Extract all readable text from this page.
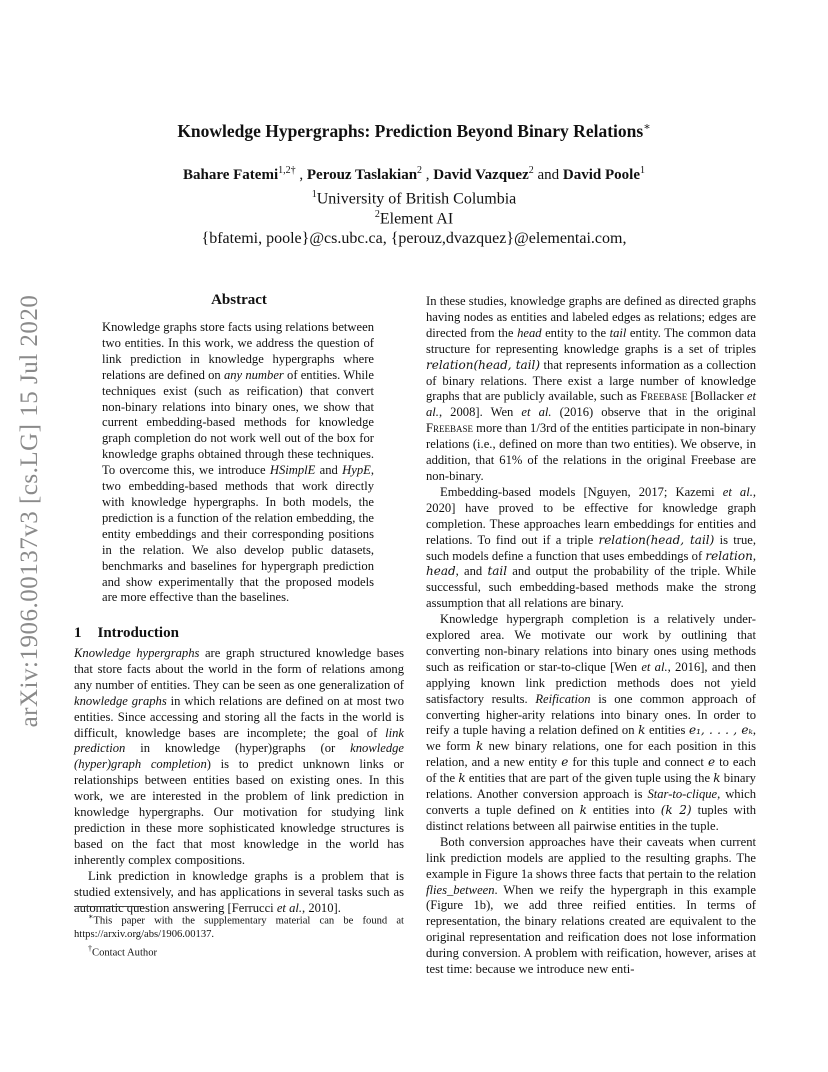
arXiv:1906.00137v3 [cs.LG] 15 Jul 2020
Knowledge Hypergraphs: Prediction Beyond Binary Relations∗
Bahare Fatemi$^{1,2\dagger}$ , Perouz Taslakian$^2$ , David Vazquez$^2$ and David Poole$^1$
$^1$University of British Columbia
$^2$Element AI
{bfatemi, poole}@cs.ubc.ca, {perouz,dvazquez}@elementai.com,
Abstract

Knowledge graphs store facts using relations between two entities. In this work, we address the question of link prediction in knowledge hypergraphs where relations are defined on any number of entities. While techniques exist (such as reification) that convert non-binary relations into binary ones, we show that current embedding-based methods for knowledge graph completion do not work well out of the box for knowledge graphs obtained through these techniques. To overcome this, we introduce HSimplE and HypE, two embedding-based methods that work directly with knowledge hypergraphs. In both models, the prediction is a function of the relation embedding, the entity embeddings and their corresponding positions in the relation. We also develop public datasets, benchmarks and baselines for hypergraph prediction and show experimentally that the proposed models are more effective than the baselines.

1 Introduction

Knowledge hypergraphs are graph structured knowledge bases that store facts about the world in the form of relations among any number of entities. They can be seen as one generalization of knowledge graphs in which relations are defined on at most two entities. Since accessing and storing all the facts in the world is difficult, knowledge bases are incomplete; the goal of link prediction in knowledge (hyper)graphs (or knowledge (hyper)graph completion) is to predict unknown links or relationships between entities based on existing ones. In this work, we are interested in the problem of link prediction in knowledge hypergraphs. Our motivation for studying link prediction in these more sophisticated knowledge structures is based on the fact that most knowledge in the world has inherently complex compositions.

Link prediction in knowledge graphs is a problem that is studied extensively, and has applications in several tasks such as automatic question answering [Ferrucci et al., 2010].

∗This paper with the supplementary material can be found at https://arxiv.org/abs/1906.00137.

†Contact Author

In these studies, knowledge graphs are defined as directed graphs having nodes as entities and labeled edges as relations; edges are directed from the head entity to the tail entity. The common data structure for representing knowledge graphs is a set of triples relation(head, tail) that represents information as a collection of binary relations. There exist a large number of knowledge graphs that are publicly available, such as Freebase [Bollacker et al., 2008]. Wen et al. (2016) observe that in the original Freebase more than 1/3rd of the entities participate in non-binary relations (i.e., defined on more than two entities). We observe, in addition, that 61% of the relations in the original Freebase are non-binary.

Embedding-based models [Nguyen, 2017; Kazemi et al., 2020] have proved to be effective for knowledge graph completion. These approaches learn embeddings for entities and relations. To find out if a triple relation(head, tail) is true, such models define a function that uses embeddings of relation, head, and tail and output the probability of the triple. While successful, such embedding-based methods make the strong assumption that all relations are binary.

Knowledge hypergraph completion is a relatively under-explored area. We motivate our work by outlining that converting non-binary relations into binary ones using methods such as reification or star-to-clique [Wen et al., 2016], and then applying known link prediction methods does not yield satisfactory results. Reification is one common approach of converting higher-arity relations into binary ones. In order to reify a tuple having a relation defined on k entities e₁, . . . , eₖ, we form k new binary relations, one for each position in this relation, and a new entity e for this tuple and connect e to each of the k entities that are part of the given tuple using the k binary relations. Another conversion approach is Star-to-clique, which converts a tuple defined on k entities into (k 2) tuples with distinct relations between all pairwise entities in the tuple.

Both conversion approaches have their caveats when current link prediction models are applied to the resulting graphs. The example in Figure 1a shows three facts that pertain to the relation flies_between. When we reify the hypergraph in this example (Figure 1b), we add three reified entities. In terms of representation, the binary relations created are equivalent to the original representation and reification does not lose information during conversion. A problem with reification, however, arises at test time: because we introduce new enti-
